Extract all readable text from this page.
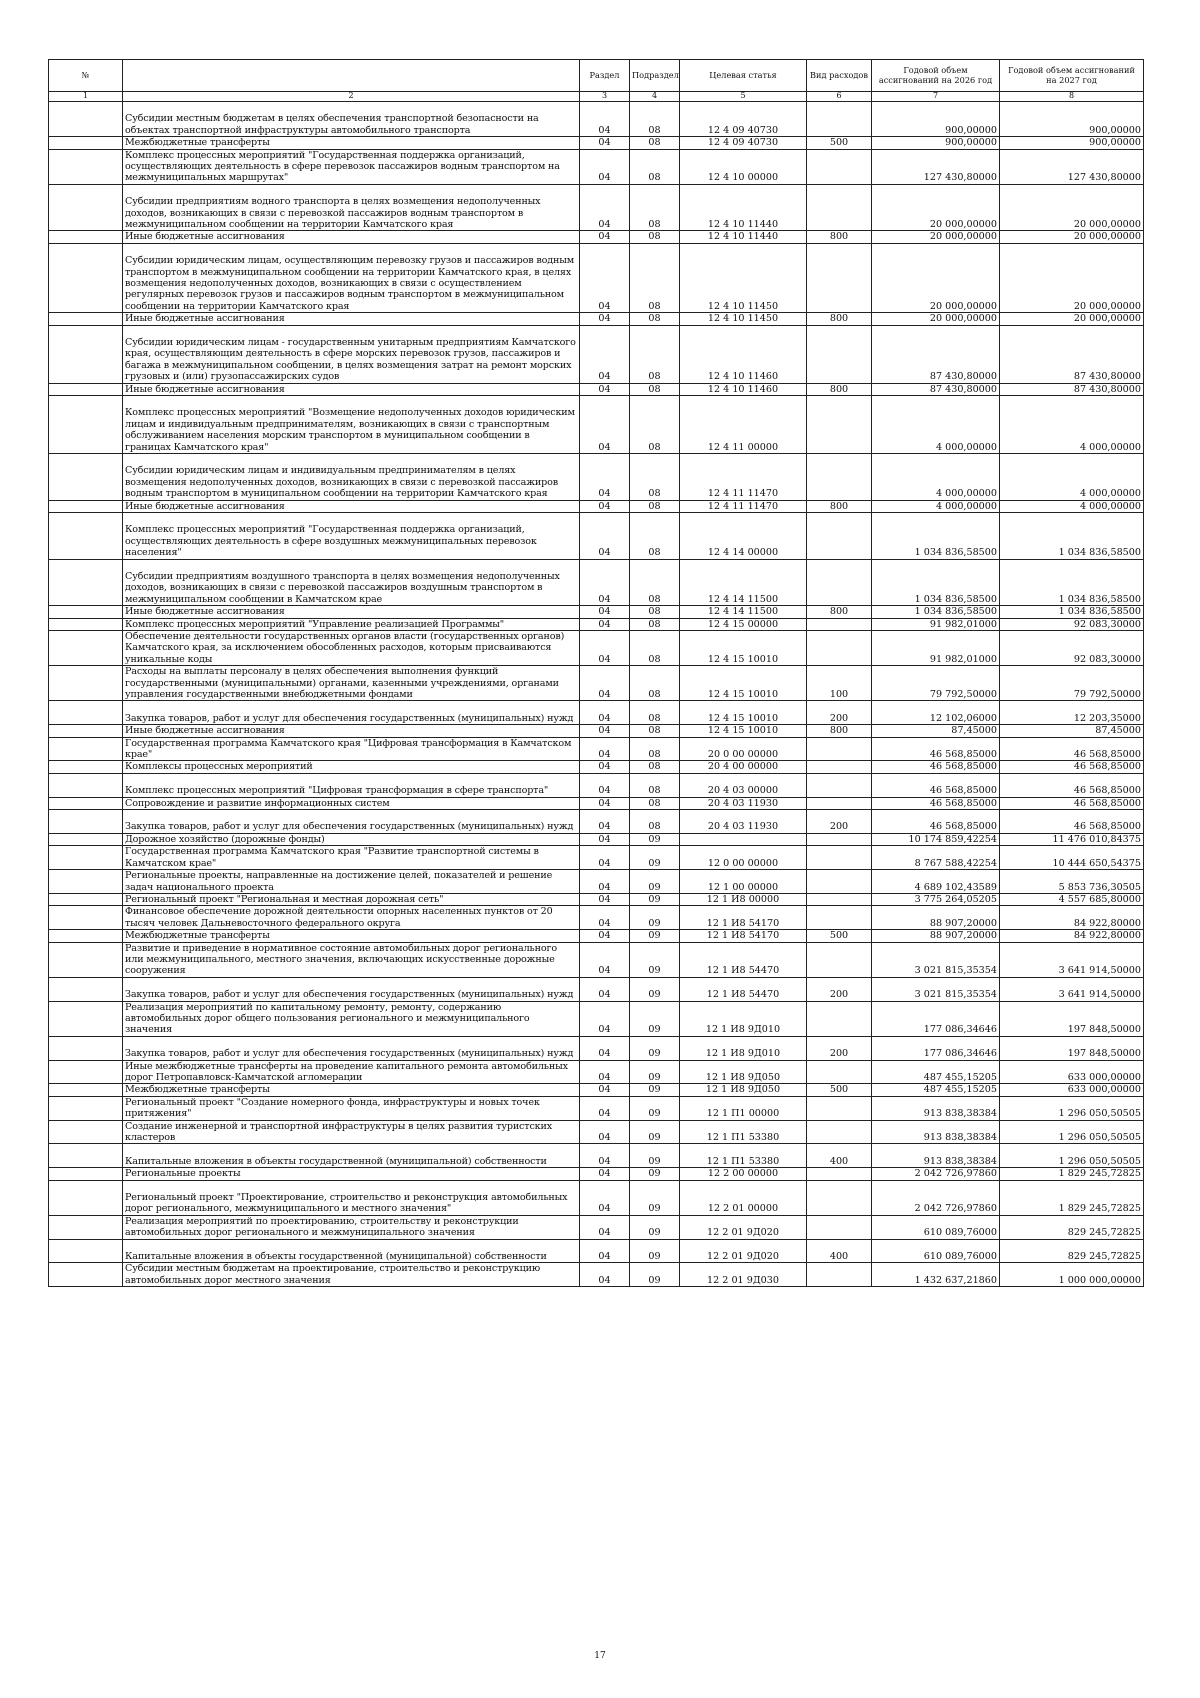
№		Раздел	Подраздел	Целевая статья	Вид расходов	Годовой объем ассигнований на 2026 год	Годовой объем ассигнований на 2027 год
1	2	3	4	5	6	7	8
	Субсидии местным бюджетам в целях обеспечения транспортной безопасности на объектах транспортной инфраструктуры автомобильного транспорта	04	08	12 4 09 40730		900,00000	900,00000
	Межбюджетные трансферты	04	08	12 4 09 40730	500	900,00000	900,00000
	Комплекс процессных мероприятий "Государственная поддержка организаций, осуществляющих деятельность в сфере перевозок пассажиров водным транспортом на межмуниципальных маршрутах"	04	08	12 4 10 00000		127 430,80000	127 430,80000
	Субсидии предприятиям водного транспорта в целях возмещения недополученных доходов, возникающих в связи с перевозкой пассажиров водным транспортом в межмуниципальном сообщении на территории Камчатского края	04	08	12 4 10 11440		20 000,00000	20 000,00000
	Иные бюджетные ассигнования	04	08	12 4 10 11440	800	20 000,00000	20 000,00000
	Субсидии юридическим лицам, осуществляющим перевозку грузов и пассажиров водным транспортом в межмуниципальном сообщении на территории Камчатского края, в целях возмещения недополученных доходов, возникающих в связи с осуществлением регулярных перевозок грузов и пассажиров водным транспортом в межмуниципальном сообщении на территории Камчатского края	04	08	12 4 10 11450		20 000,00000	20 000,00000
	Иные бюджетные ассигнования	04	08	12 4 10 11450	800	20 000,00000	20 000,00000
	Субсидии юридическим лицам - государственным унитарным предприятиям Камчатского края, осуществляющим деятельность в сфере морских перевозок грузов, пассажиров и багажа в межмуниципальном сообщении, в целях возмещения затрат на ремонт морских грузовых и (или) грузопассажирских судов	04	08	12 4 10 11460		87 430,80000	87 430,80000
	Иные бюджетные ассигнования	04	08	12 4 10 11460	800	87 430,80000	87 430,80000
	Комплекс процессных мероприятий "Возмещение недополученных доходов юридическим лицам и индивидуальным предпринимателям, возникающих в связи с транспортным обслуживанием населения морским транспортом в муниципальном сообщении в границах Камчатского края"	04	08	12 4 11 00000		4 000,00000	4 000,00000
	Субсидии юридическим лицам и индивидуальным предпринимателям в целях возмещения недополученных доходов, возникающих в связи с перевозкой пассажиров водным транспортом в муниципальном сообщении на территории Камчатского края	04	08	12 4 11 11470		4 000,00000	4 000,00000
	Иные бюджетные ассигнования	04	08	12 4 11 11470	800	4 000,00000	4 000,00000
	Комплекс процессных мероприятий "Государственная поддержка организаций, осуществляющих деятельность в сфере воздушных межмуниципальных перевозок населения"	04	08	12 4 14 00000		1 034 836,58500	1 034 836,58500
	Субсидии предприятиям воздушного транспорта в целях возмещения недополученных доходов, возникающих в связи с перевозкой пассажиров воздушным транспортом в межмуниципальном сообщении в Камчатском крае	04	08	12 4 14 11500		1 034 836,58500	1 034 836,58500
	Иные бюджетные ассигнования	04	08	12 4 14 11500	800	1 034 836,58500	1 034 836,58500
	Комплекс процессных мероприятий "Управление реализацией Программы"	04	08	12 4 15 00000		91 982,01000	92 083,30000
	Обеспечение деятельности государственных органов власти (государственных органов) Камчатского края, за исключением обособленных расходов, которым присваиваются уникальные коды	04	08	12 4 15 10010		91 982,01000	92 083,30000
	Расходы на выплаты персоналу в целях обеспечения выполнения функций государственными (муниципальными) органами, казенными учреждениями, органами управления государственными внебюджетными фондами	04	08	12 4 15 10010	100	79 792,50000	79 792,50000
	Закупка товаров, работ и услуг для обеспечения государственных (муниципальных) нужд	04	08	12 4 15 10010	200	12 102,06000	12 203,35000
	Иные бюджетные ассигнования	04	08	12 4 15 10010	800	87,45000	87,45000
	Государственная программа Камчатского края "Цифровая трансформация в Камчатском крае"	04	08	20 0 00 00000		46 568,85000	46 568,85000
	Комплексы процессных мероприятий	04	08	20 4 00 00000		46 568,85000	46 568,85000
	Комплекс процессных мероприятий "Цифровая трансформация в сфере транспорта"	04	08	20 4 03 00000		46 568,85000	46 568,85000
	Сопровождение и развитие информационных систем	04	08	20 4 03 11930		46 568,85000	46 568,85000
	Закупка товаров, работ и услуг для обеспечения государственных (муниципальных) нужд	04	08	20 4 03 11930	200	46 568,85000	46 568,85000
	Дорожное хозяйство (дорожные фонды)	04	09			10 174 859,42254	11 476 010,84375
	Государственная программа Камчатского края "Развитие транспортной системы в Камчатском крае"	04	09	12 0 00 00000		8 767 588,42254	10 444 650,54375
	Региональные проекты, направленные на достижение целей, показателей и решение задач национального проекта	04	09	12 1 00 00000		4 689 102,43589	5 853 736,30505
	Региональный проект "Региональная и местная дорожная сеть"	04	09	12 1 И8 00000		3 775 264,05205	4 557 685,80000
	Финансовое обеспечение дорожной деятельности опорных населенных пунктов от 20 тысяч человек Дальневосточного федерального округа	04	09	12 1 И8 54170		88 907,20000	84 922,80000
	Межбюджетные трансферты	04	09	12 1 И8 54170	500	88 907,20000	84 922,80000
	Развитие и приведение в нормативное состояние автомобильных дорог регионального или межмуниципального, местного значения, включающих искусственные дорожные сооружения	04	09	12 1 И8 54470		3 021 815,35354	3 641 914,50000
	Закупка товаров, работ и услуг для обеспечения государственных (муниципальных) нужд	04	09	12 1 И8 54470	200	3 021 815,35354	3 641 914,50000
	Реализация мероприятий по капитальному ремонту, ремонту, содержанию автомобильных дорог общего пользования регионального и межмуниципального значения	04	09	12 1 И8 9Д010		177 086,34646	197 848,50000
	Закупка товаров, работ и услуг для обеспечения государственных (муниципальных) нужд	04	09	12 1 И8 9Д010	200	177 086,34646	197 848,50000
	Иные межбюджетные трансферты на проведение капитального ремонта автомобильных дорог Петропавловск-Камчатской агломерации	04	09	12 1 И8 9Д050		487 455,15205	633 000,00000
	Межбюджетные трансферты	04	09	12 1 И8 9Д050	500	487 455,15205	633 000,00000
	Региональный проект "Создание номерного фонда, инфраструктуры и новых точек притяжения"	04	09	12 1 П1 00000		913 838,38384	1 296 050,50505
	Создание инженерной и транспортной инфраструктуры в целях развития туристских кластеров	04	09	12 1 П1 53380		913 838,38384	1 296 050,50505
	Капитальные вложения в объекты государственной (муниципальной) собственности	04	09	12 1 П1 53380	400	913 838,38384	1 296 050,50505
	Региональные проекты	04	09	12 2 00 00000		2 042 726,97860	1 829 245,72825
	Региональный проект "Проектирование, строительство и реконструкция автомобильных дорог регионального, межмуниципального и местного значения"	04	09	12 2 01 00000		2 042 726,97860	1 829 245,72825
	Реализация мероприятий по проектированию, строительству и реконструкции автомобильных дорог регионального и межмуниципального значения	04	09	12 2 01 9Д020		610 089,76000	829 245,72825
	Капитальные вложения в объекты государственной (муниципальной) собственности	04	09	12 2 01 9Д020	400	610 089,76000	829 245,72825
	Субсидии местным бюджетам на проектирование, строительство и реконструкцию автомобильных дорог местного значения	04	09	12 2 01 9Д030		1 432 637,21860	1 000 000,00000
17
